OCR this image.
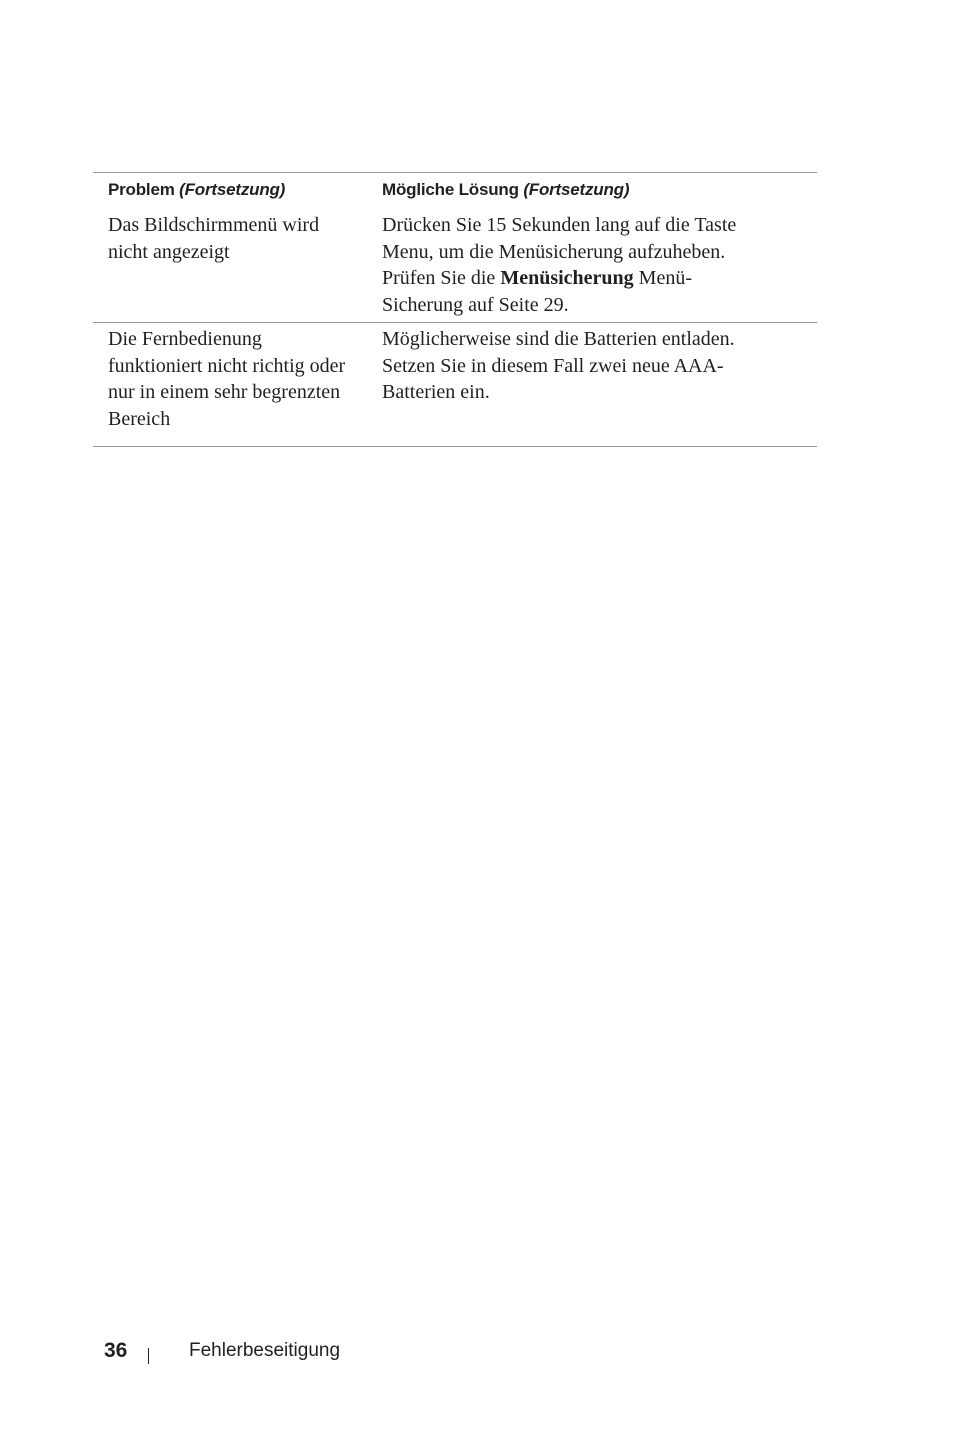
Problem (Fortsetzung)	Mögliche Lösung (Fortsetzung)
Das Bildschirmmenü wird
nicht angezeigt
Drücken Sie 15 Sekunden lang auf die Taste
Menu, um die Menüsicherung aufzuheben.
Prüfen Sie die Menüsicherung Menü-
Sicherung auf Seite 29.
Die Fernbedienung
funktioniert nicht richtig oder
nur in einem sehr begrenzten
Bereich
Möglicherweise sind die Batterien entladen.
Setzen Sie in diesem Fall zwei neue AAA-
Batterien ein.
36	Fehlerbeseitigung
